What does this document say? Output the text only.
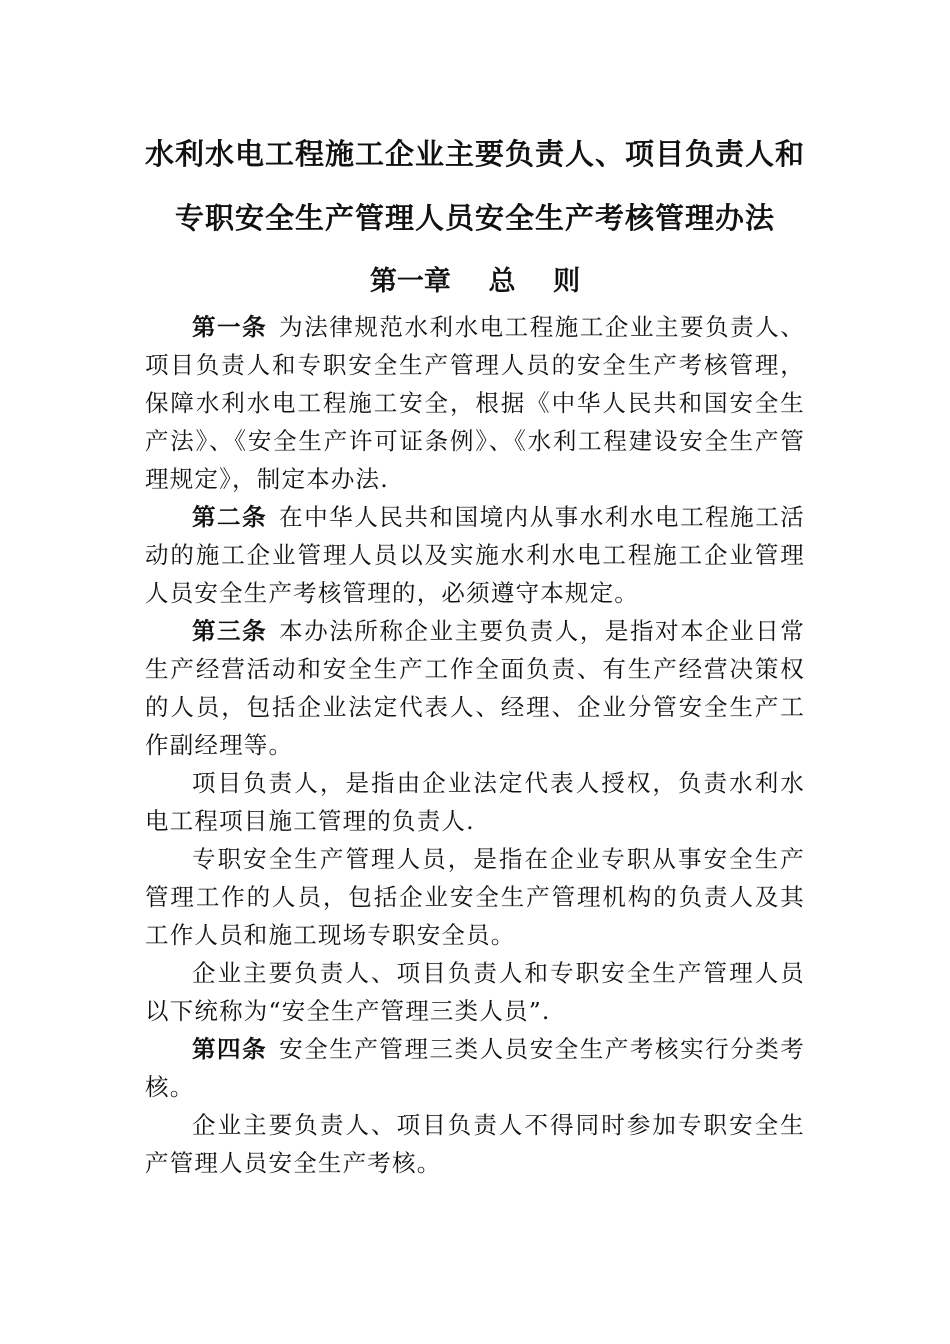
水利水电工程施工企业主要负责人、项目负责人和
专职安全生产管理人员安全生产考核管理办法
第一章    总    则

第一条 为法律规范水利水电工程施工企业主要负责人、项目负责人和专职安全生产管理人员的安全生产考核管理，保障水利水电工程施工安全，根据《中华人民共和国安全生产法》、《安全生产许可证条例》、《水利工程建设安全生产管理规定》，制定本办法.

第二条 在中华人民共和国境内从事水利水电工程施工活动的施工企业管理人员以及实施水利水电工程施工企业管理人员安全生产考核管理的，必须遵守本规定。

第三条 本办法所称企业主要负责人，是指对本企业日常生产经营活动和安全生产工作全面负责、有生产经营决策权的人员，包括企业法定代表人、经理、企业分管安全生产工作副经理等。

项目负责人，是指由企业法定代表人授权，负责水利水电工程项目施工管理的负责人.

专职安全生产管理人员，是指在企业专职从事安全生产管理工作的人员，包括企业安全生产管理机构的负责人及其工作人员和施工现场专职安全员。

企业主要负责人、项目负责人和专职安全生产管理人员以下统称为“安全生产管理三类人员”.

第四条 安全生产管理三类人员安全生产考核实行分类考核。

企业主要负责人、项目负责人不得同时参加专职安全生产管理人员安全生产考核。
